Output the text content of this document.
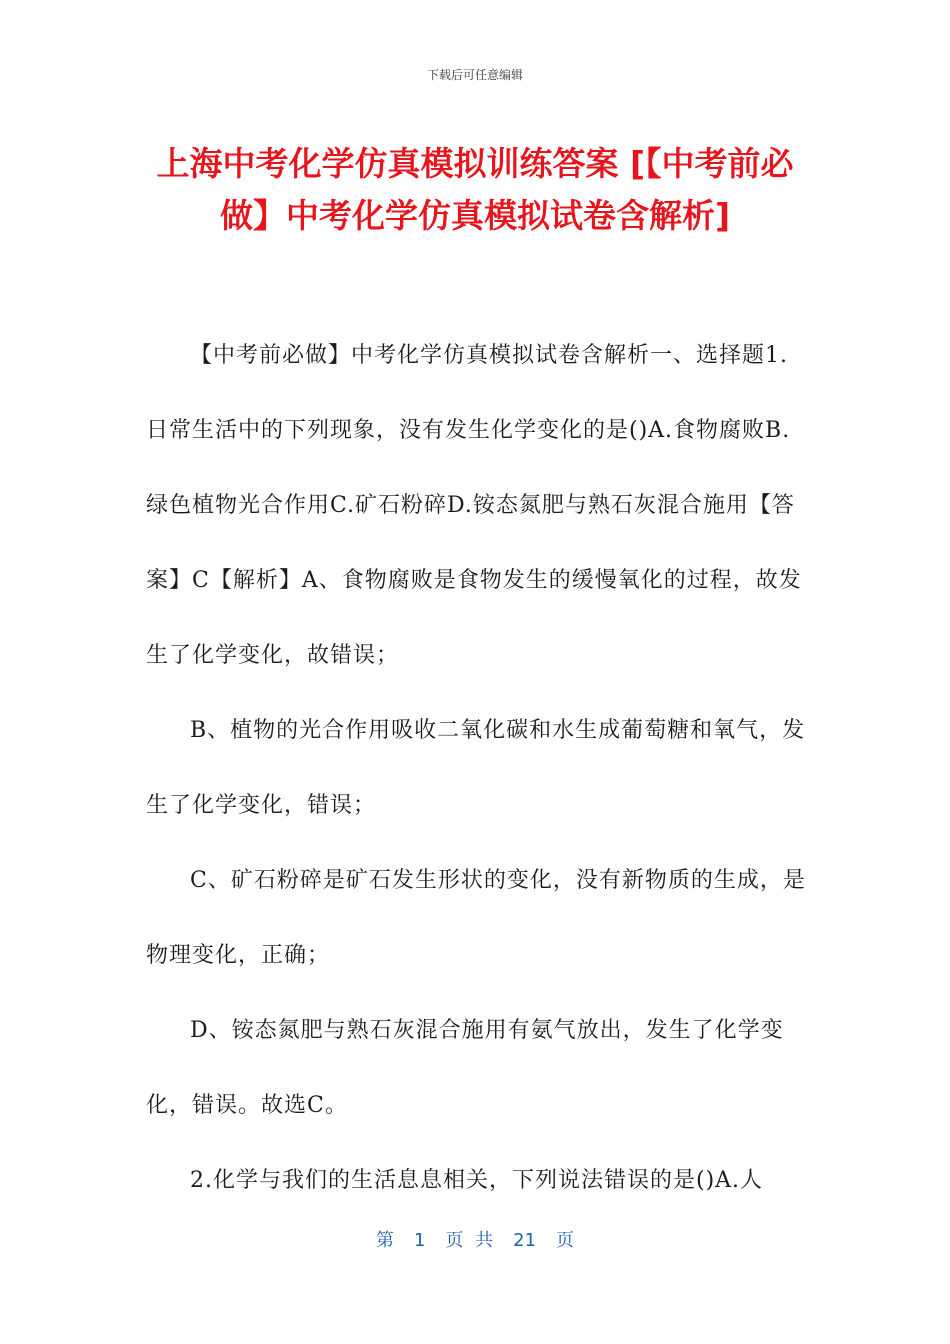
下载后可任意编辑
上海中考化学仿真模拟训练答案 [【中考前必做】中考化学仿真模拟试卷含解析]

【中考前必做】中考化学仿真模拟试卷含解析一、选择题1.日常生活中的下列现象，没有发生化学变化的是()A.食物腐败B.绿色植物光合作用C.矿石粉碎D.铵态氮肥与熟石灰混合施用【答案】C【解析】A、食物腐败是食物发生的缓慢氧化的过程，故发生了化学变化，故错误；

B、植物的光合作用吸收二氧化碳和水生成葡萄糖和氧气，发生了化学变化，错误；

C、矿石粉碎是矿石发生形状的变化，没有新物质的生成，是物理变化，正确；

D、铵态氮肥与熟石灰混合施用有氨气放出，发生了化学变化，错误。故选C。

2.化学与我们的生活息息相关，下列说法错误的是()A.人

第 1 页 共 21 页
